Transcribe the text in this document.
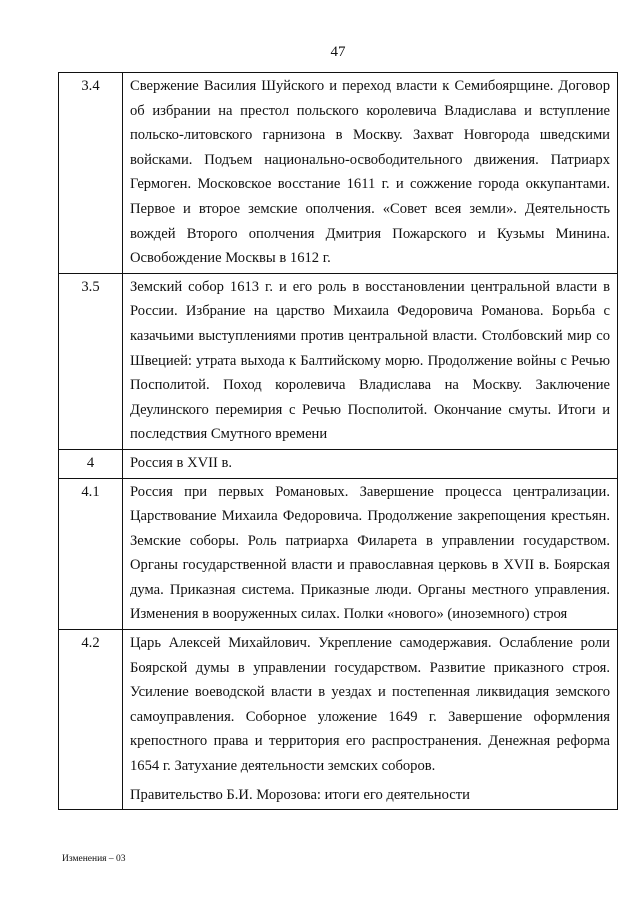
47
3.4	Свержение Василия Шуйского и переход власти к Семибоярщине. Договор об избрании на престол польского королевича Владислава и вступление польско-литовского гарнизона в Москву. Захват Новгорода шведскими войсками. Подъем национально-освободительного движения. Патриарх Гермоген. Московское восстание 1611 г. и сожжение города оккупантами. Первое и второе земские ополчения. «Совет всея земли». Деятельность вождей Второго ополчения Дмитрия Пожарского и Кузьмы Минина. Освобождение Москвы в 1612 г.

3.5	Земский собор 1613 г. и его роль в восстановлении центральной власти в России. Избрание на царство Михаила Федоровича Романова. Борьба с казачьими выступлениями против центральной власти. Столбовский мир со Швецией: утрата выхода к Балтийскому морю. Продолжение войны с Речью Посполитой. Поход королевича Владислава на Москву. Заключение Деулинского перемирия с Речью Посполитой. Окончание смуты. Итоги и последствия Смутного времени

4	Россия в XVII в.

4.1	Россия при первых Романовых. Завершение процесса централизации. Царствование Михаила Федоровича. Продолжение закрепощения крестьян. Земские соборы. Роль патриарха Филарета в управлении государством. Органы государственной власти и православная церковь в XVII в. Боярская дума. Приказная система. Приказные люди. Органы местного управления. Изменения в вооруженных силах. Полки «нового» (иноземного) строя

4.2	Царь Алексей Михайлович. Укрепление самодержавия. Ослабление роли Боярской думы в управлении государством. Развитие приказного строя. Усиление воеводской власти в уездах и постепенная ликвидация земского самоуправления. Соборное уложение 1649 г. Завершение оформления крепостного права и территория его распространения. Денежная реформа 1654 г. Затухание деятельности земских соборов.
Правительство Б.И. Морозова: итоги его деятельности
Изменения – 03
